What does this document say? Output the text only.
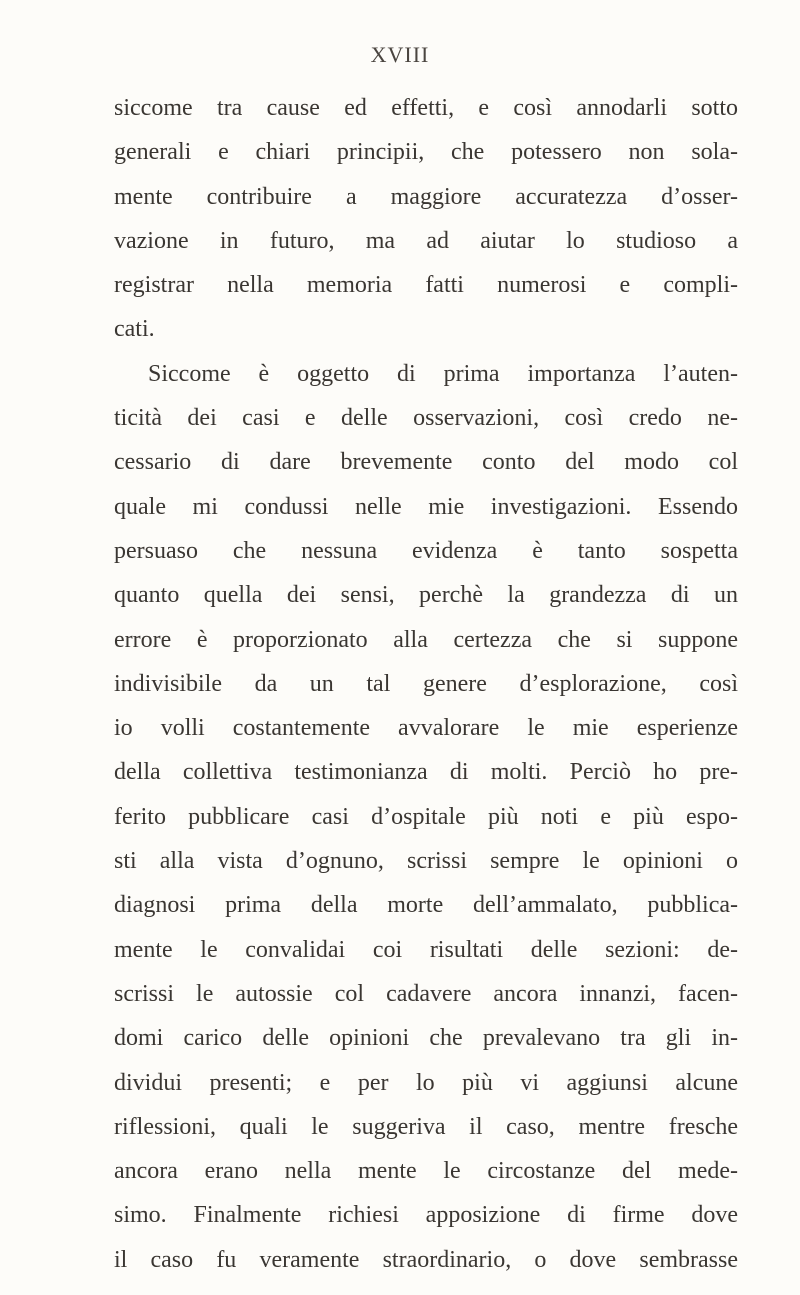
XVIII
siccome tra cause ed effetti, e così annodarli sotto
generali e chiari principii, che potessero non sola-
mente contribuire a maggiore accuratezza d’osser-
vazione in futuro, ma ad aiutar lo studioso a
registrar nella memoria fatti numerosi e compli-
cati.
Siccome è oggetto di prima importanza l’auten-
ticità dei casi e delle osservazioni, così credo ne-
cessario di dare brevemente conto del modo col
quale mi condussi nelle mie investigazioni. Essendo
persuaso che nessuna evidenza è tanto sospetta
quanto quella dei sensi, perchè la grandezza di un
errore è proporzionato alla certezza che si suppone
indivisibile da un tal genere d’esplorazione, così
io volli costantemente avvalorare le mie esperienze
della collettiva testimonianza di molti. Perciò ho pre-
ferito pubblicare casi d’ospitale più noti e più espo-
sti alla vista d’ognuno, scrissi sempre le opinioni o
diagnosi prima della morte dell’ammalato, pubblica-
mente le convalidai coi risultati delle sezioni: de-
scrissi le autossie col cadavere ancora innanzi, facen-
domi carico delle opinioni che prevalevano tra gli in-
dividui presenti; e per lo più vi aggiunsi alcune
riflessioni, quali le suggeriva il caso, mentre fresche
ancora erano nella mente le circostanze del mede-
simo. Finalmente richiesi apposizione di firme dove
il caso fu veramente straordinario, o dove sembrasse
